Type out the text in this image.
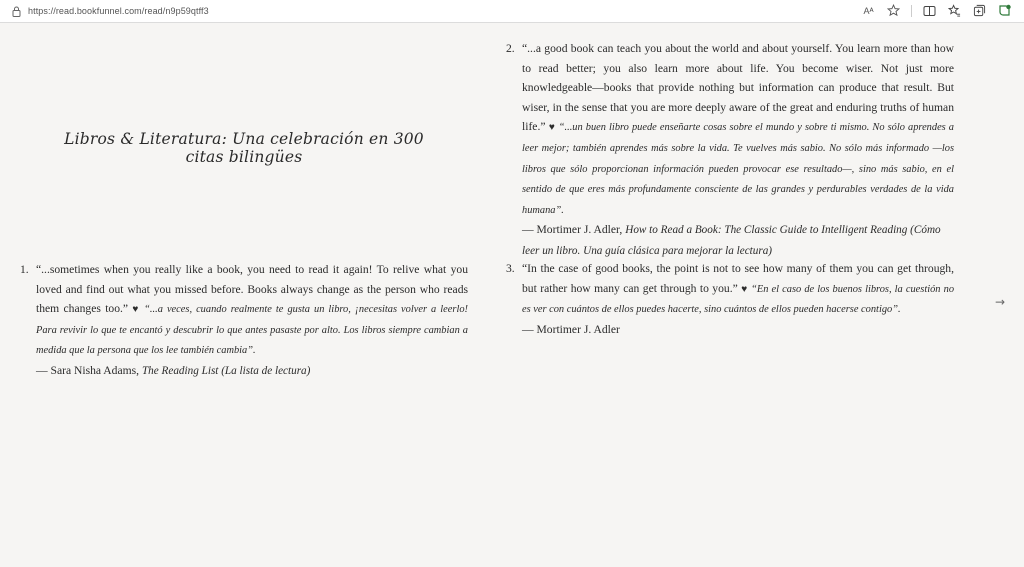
https://read.bookfunnel.com/read/n9p59qtff3	Aᴬ
Libros & Literatura: Una celebración en 300 citas bilingües
1. “...sometimes when you really like a book, you need to read it again! To relive what you loved and find out what you missed before. Books always change as the person who reads them changes too.” ♥ “...a veces, cuando realmente te gusta un libro, ¡necesitas volver a leerlo! Para revivir lo que te encantó y descubrir lo que antes pasaste por alto. Los libros siempre cambian a medida que la persona que los lee también cambia”.
— Sara Nisha Adams, The Reading List (La lista de lectura)
2. “...a good book can teach you about the world and about yourself. You learn more than how to read better; you also learn more about life. You become wiser. Not just more knowledgeable—books that provide nothing but information can produce that result. But wiser, in the sense that you are more deeply aware of the great and enduring truths of human life.” ♥ “...un buen libro puede enseñarte cosas sobre el mundo y sobre ti mismo. No sólo aprendes a leer mejor; también aprendes más sobre la vida. Te vuelves más sabio. No sólo más informado —los libros que sólo proporcionan información pueden provocar ese resultado—, sino más sabio, en el sentido de que eres más profundamente consciente de las grandes y perdurables verdades de la vida humana”.
— Mortimer J. Adler, How to Read a Book: The Classic Guide to Intelligent Reading (Cómo leer un libro. Una guía clásica para mejorar la lectura)
3. “In the case of good books, the point is not to see how many of them you can get through, but rather how many can get through to you.” ♥ “En el caso de los buenos libros, la cuestión no es ver con cuántos de ellos puedes hacerte, sino cuántos de ellos pueden hacerse contigo”.
— Mortimer J. Adler
→
